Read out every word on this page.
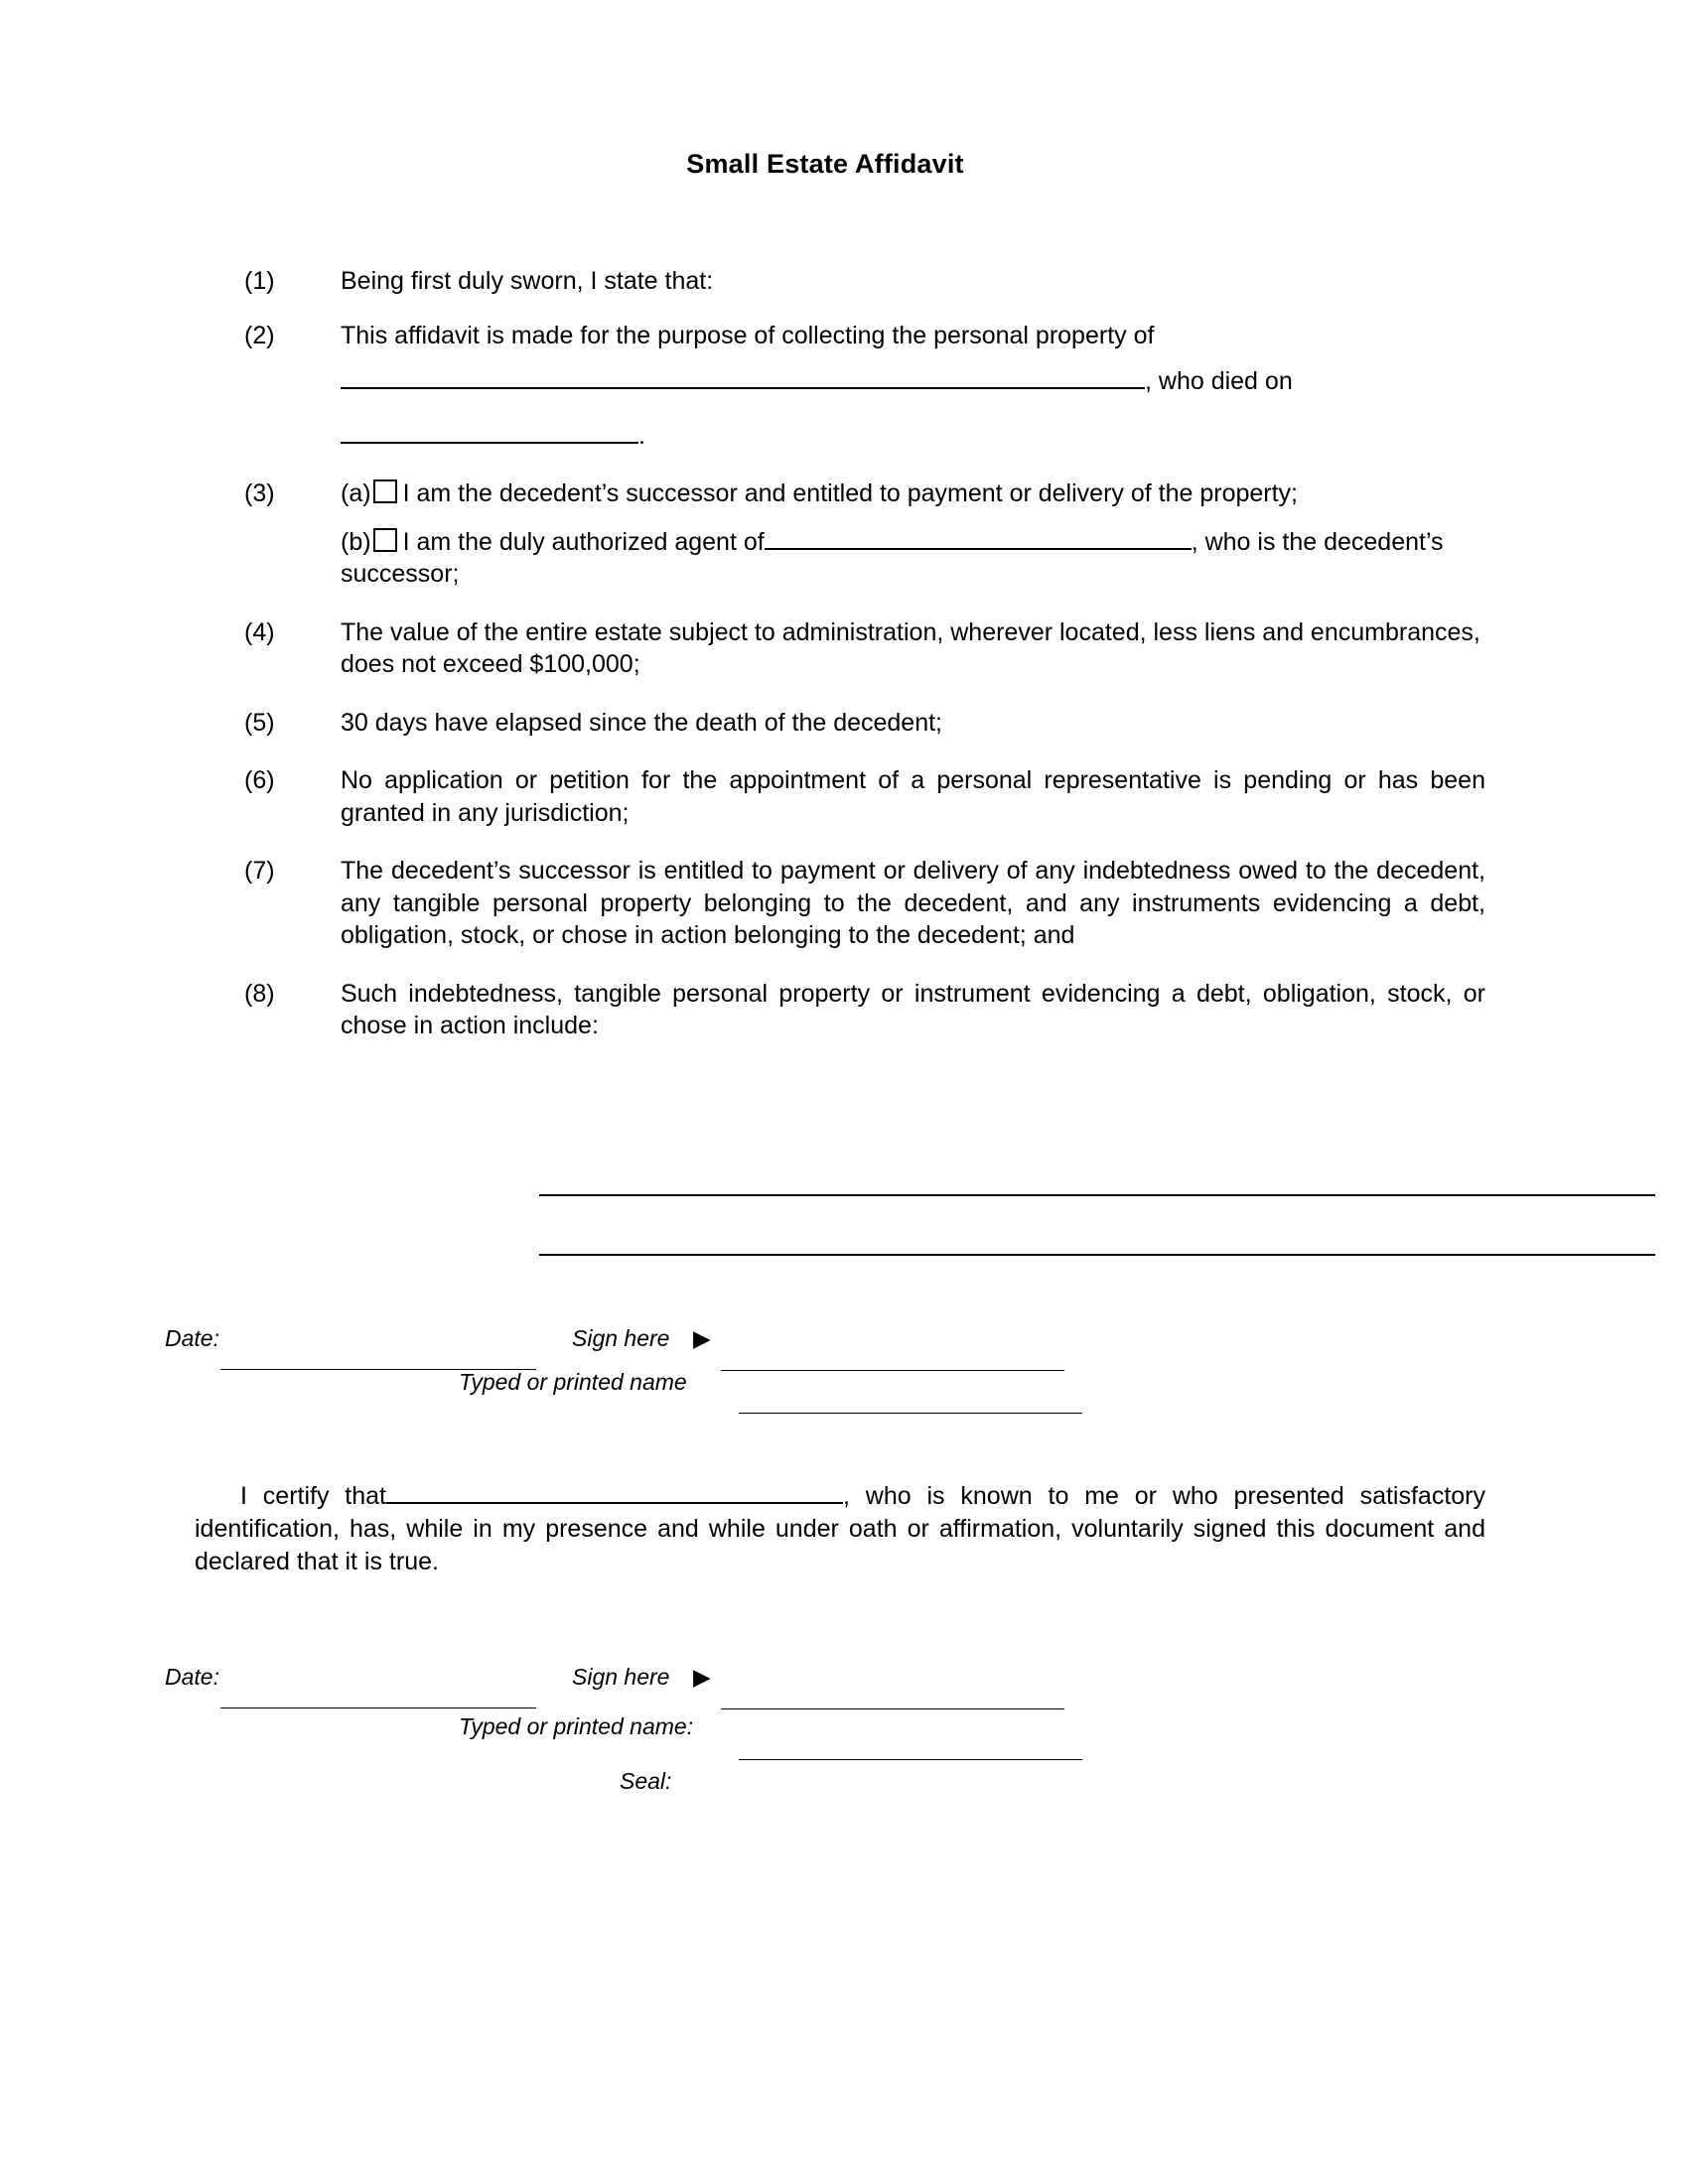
Small Estate Affidavit
(1)	Being first duly sworn, I state that:
(2)	This affidavit is made for the purpose of collecting the personal property of
, who died on
.
(3)	(a) I am the decedent’s successor and entitled to payment or delivery of the property;
(b) I am the duly authorized agent of	, who is the decedent’s successor;
(4)	The value of the entire estate subject to administration, wherever located, less liens and encumbrances, does not exceed $100,000;
(5)	30 days have elapsed since the death of the decedent;
(6)	No application or petition for the appointment of a personal representative is pending or has been granted in any jurisdiction;
(7)	The decedent’s successor is entitled to payment or delivery of any indebtedness owed to the decedent, any tangible personal property belonging to the decedent, and any instruments evidencing a debt, obligation, stock, or chose in action belonging to the decedent; and
(8)	Such indebtedness, tangible personal property or instrument evidencing a debt, obligation, stock, or chose in action include:
Date:	Sign here ▶
Typed or printed name
I certify that	, who is known to me or who presented satisfactory identification, has, while in my presence and while under oath or affirmation, voluntarily signed this document and declared that it is true.
Date:	Sign here ▶
Typed or printed name:
Seal:
